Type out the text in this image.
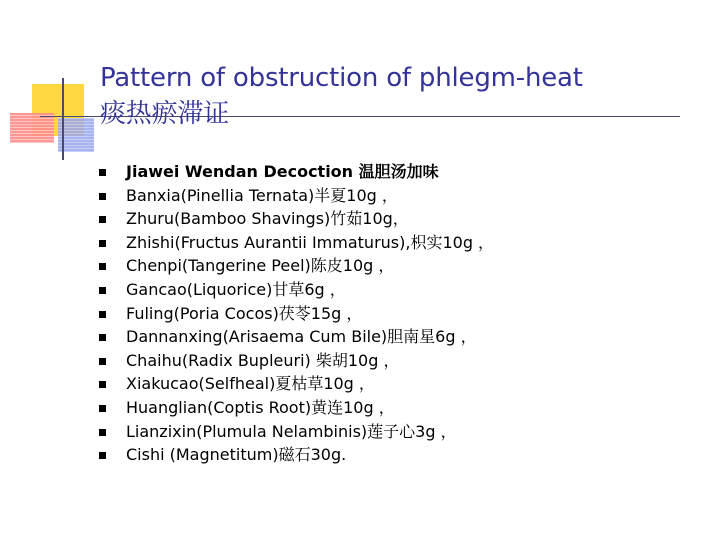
Pattern of obstruction of phlegm-heat
痰热瘀滞证
Jiawei Wendan Decoction 温胆汤加味
Banxia(Pinellia Ternata)半夏10g ，
Zhuru(Bamboo Shavings)竹茹10g，
Zhishi(Fructus Aurantii Immaturus),枳实10g ，
Chenpi(Tangerine Peel)陈皮10g ，
Gancao(Liquorice)甘草6g ，
Fuling(Poria Cocos)茯苓15g ，
Dannanxing(Arisaema Cum Bile)胆南星6g ，
Chaihu(Radix Bupleuri) 柴胡10g ，
Xiakucao(Selfheal)夏枯草10g ，
Huanglian(Coptis Root)黄连10g ，
Lianzixin(Plumula Nelambinis)莲子心3g ，
Cishi (Magnetitum)磁石30g.
